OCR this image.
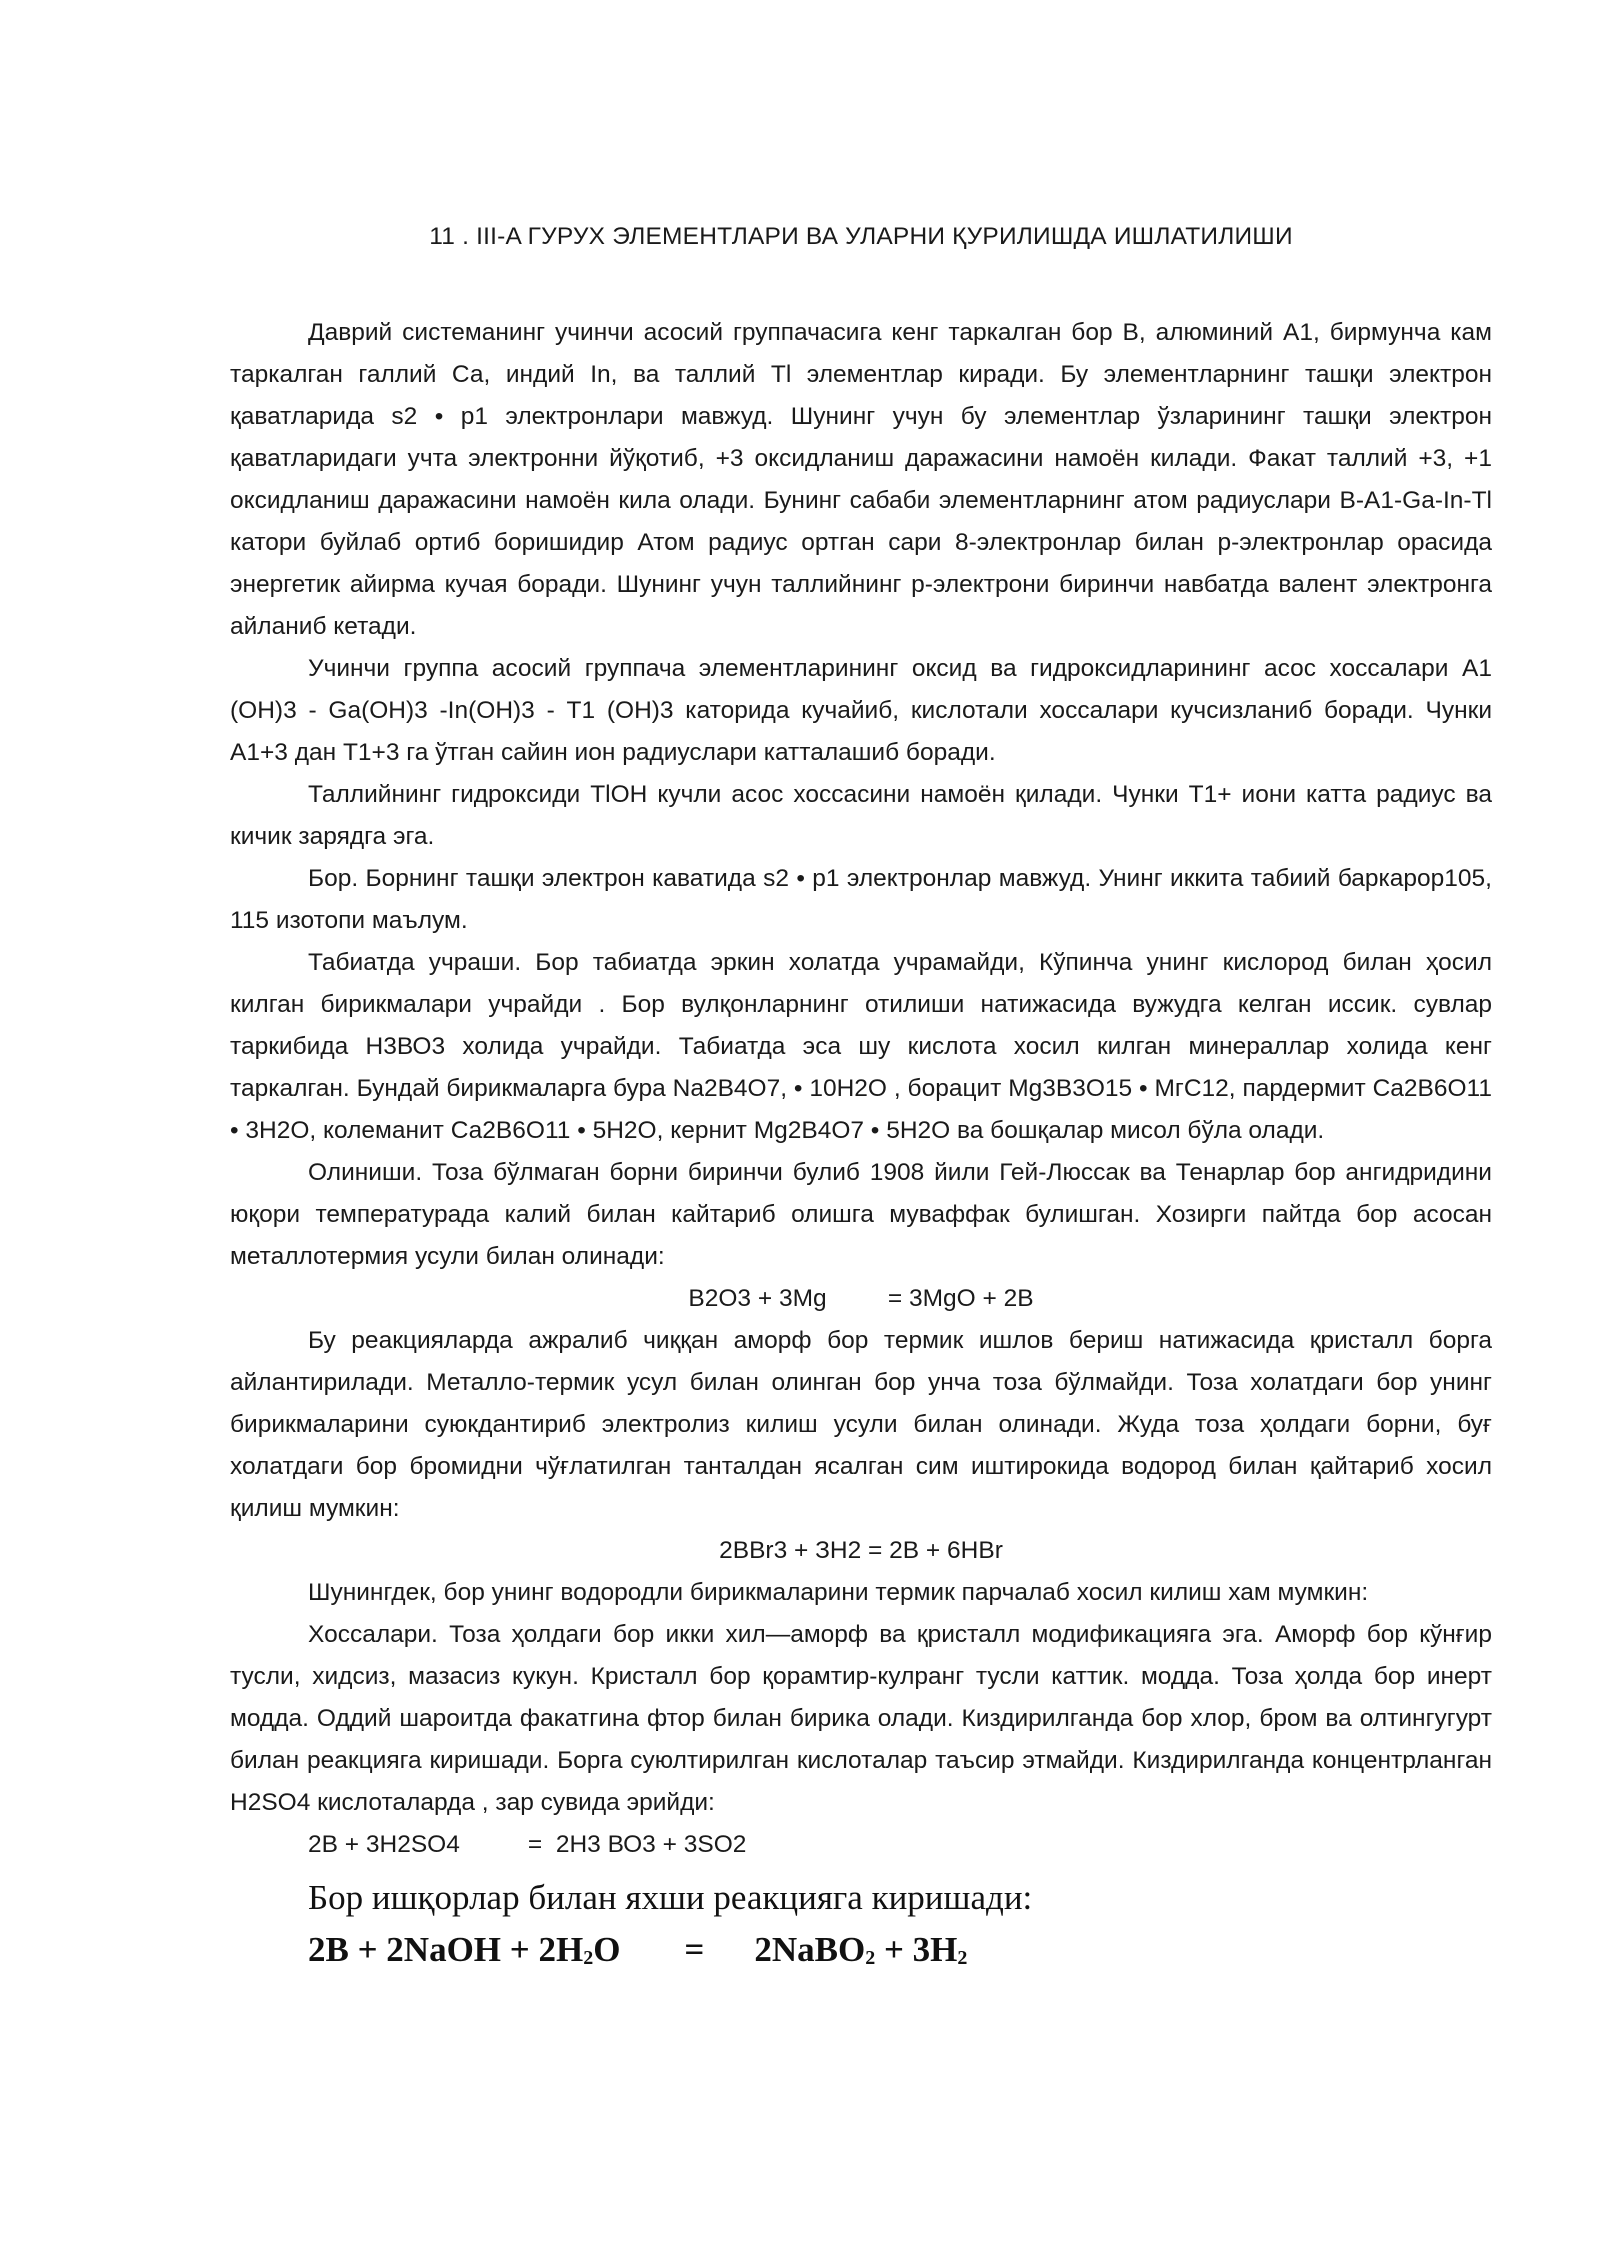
11 . III-A ГУРУХ ЭЛЕМЕНТЛАРИ ВА УЛАРНИ ҚУРИЛИШДА ИШЛАТИЛИШИ

Даврий системанинг учинчи асосий группачасига кенг таркалган бор В, алюминий А1, бирмунча кам таркалган галлий Са, индий In, ва таллий Tl элементлар киради. Бу элементларнинг ташқи электрон қаватларида s2 • р1 электронлари мавжуд. Шунинг учун бу элементлар ўзларининг ташқи электрон қаватларидаги учта электронни йўқотиб, +3 оксидланиш даражасини намоён килади. Факат таллий +3, +1 оксидланиш даражасини намоён кила олади. Бунинг сабаби элементларнинг атом радиуслари В-А1-Ga-In-Tl катори буйлаб ортиб боришидир Атом радиус ортган сари 8-электронлар билан р-электронлар орасида энергетик айирма кучая боради. Шунинг учун таллийнинг р-электрони биринчи навбатда валент электронга айланиб кетади.

Учинчи группа асосий группача элементларининг оксид ва гидроксидларининг асос хоссалари А1 (ОН)3 - Ga(OH)3 -In(OH)3 - Т1 (ОН)3 каторида кучайиб, кислотали хоссалари кучсизланиб боради. Чунки А1+3 дан Т1+3 га ўтган сайин ион радиуслари катталашиб боради.

Таллийнинг гидроксиди TlOH кучли асос хоссасини намоён қилади. Чунки Т1+ иони катта радиус ва кичик зарядга эга.

Бор. Борнинг ташқи электрон каватида s2 • р1 электронлар мавжуд. Унинг иккита табиий баркарор105, 115 изотопи маълум.

Табиатда учраши. Бор табиатда эркин холатда учрамайди, Кўпинча унинг кислород билан ҳосил килган бирикмалари учрайди . Бор вулқонларнинг отилиши натижасида вужудга келган иссик. сувлар таркибида Н3ВО3 холида учрайди. Табиатда эса шу кислота хосил килган минераллар холида кенг таркалган. Бундай бирикмаларга бура Na2B4O7, • 10H2O , борацит Mg3B3O15 • МгС12, пардермит Ca2B6O11 • 3H2O, колеманит Са2В6О11 • 5Н2О, кернит Mg2B4O7 • 5Н2О ва бошқалар мисол бўла олади.

Олиниши. Тоза бўлмаган борни биринчи булиб 1908 йили Гей-Люссак ва Тенарлар бор ангидридини юқори температурада калий билан кайтариб олишга муваффак булишган. Хозирги пайтда бор асосан металлотермия усули билан олинади:

В2О3 + 3Mg         = 3MgO + 2В

Бу реакцияларда ажралиб чиққан аморф бор термик ишлов бериш натижасида қристалл борга айлантирилади. Металло-термик усул билан олинган бор унча тоза бўлмайди. Тоза холатдаги бор унинг бирикмаларини суюкдантириб электролиз килиш усули билан олинади. Жуда тоза ҳолдаги борни, буғ холатдаги бор бромидни чўғлатилган танталдан ясалган сим иштирокида водород билан қайтариб хосил қилиш мумкин:

2ВВr3 + ЗН2 = 2В + 6НВr

Шунингдек, бор унинг водородли бирикмаларини термик парчалаб хосил килиш хам мумкин:

Хоссалари. Тоза ҳолдаги бор икки хил—аморф ва қристалл модификацияга эга. Аморф бор кўнғир тусли, хидсиз, мазасиз кукун. Кристалл бор қорамтир-кулранг тусли каттик. модда. Тоза ҳолда бор инерт модда. Оддий шароитда факатгина фтор билан бирика олади. Киздирилганда бор хлор, бром ва олтингугурт билан реакцияга киришади. Борга суюлтирилган кислоталар таъсир этмайди. Киздирилганда концентрланган H2SO4 кислоталарда , зар сувида эрийди:

2В + 3H2SO4          =  2Н3 ВО3 + 3SO2

Бор ишқорлар билан яхши реакцияга киришади:

2B + 2NaOH + $2H_2O$ = 2NaBO$_2$ + $3H_2$
